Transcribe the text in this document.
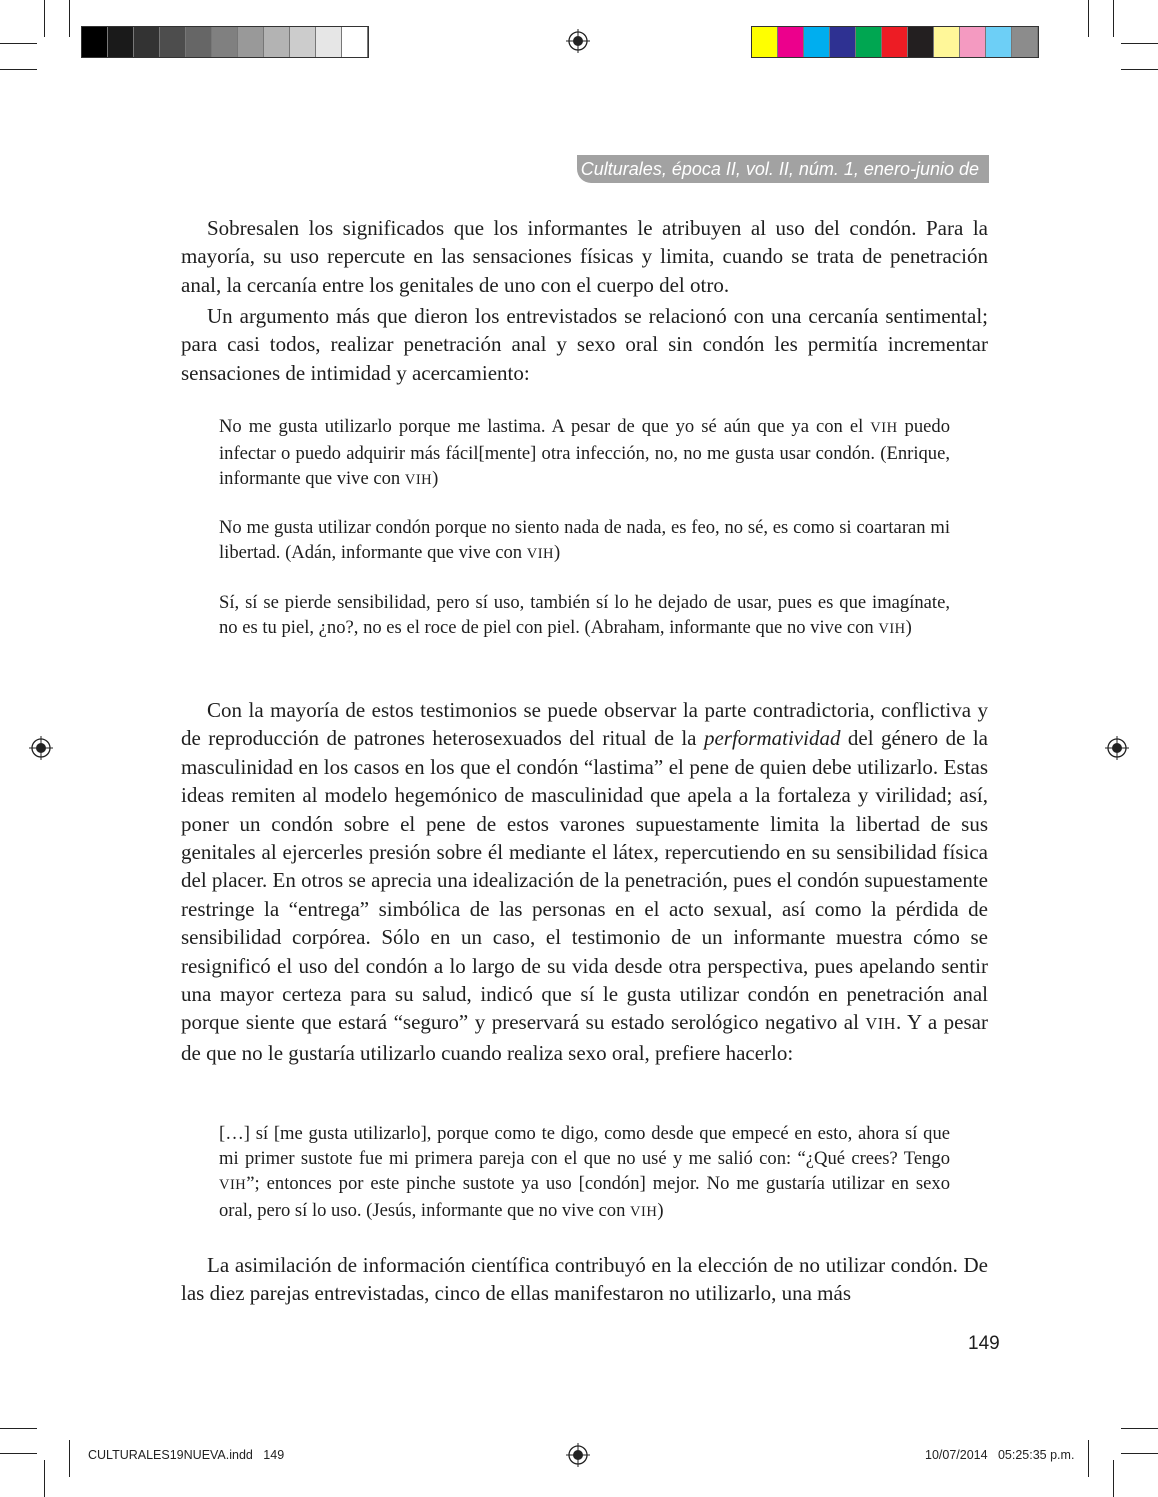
Culturales, época II, vol. II, núm. 1, enero-junio de 2014

Sobresalen los significados que los informantes le atribuyen al uso del condón. Para la mayoría, su uso repercute en las sensaciones físicas y limita, cuando se trata de penetración anal, la cercanía entre los genitales de uno con el cuerpo del otro.

Un argumento más que dieron los entrevistados se relacionó con una cercanía sentimental; para casi todos, realizar penetración anal y sexo oral sin condón les permitía incrementar sensaciones de intimidad y acercamiento:

No me gusta utilizarlo porque me lastima. A pesar de que yo sé aún que ya con el VIH puedo infectar o puedo adquirir más fácil[mente] otra infección, no, no me gusta usar condón. (Enrique, informante que vive con VIH)

No me gusta utilizar condón porque no siento nada de nada, es feo, no sé, es como si coartaran mi libertad. (Adán, informante que vive con VIH)

Sí, sí se pierde sensibilidad, pero sí uso, también sí lo he dejado de usar, pues es que imagínate, no es tu piel, ¿no?, no es el roce de piel con piel. (Abraham, informante que no vive con VIH)

Con la mayoría de estos testimonios se puede observar la parte contradictoria, conflictiva y de reproducción de patrones heterosexuados del ritual de la performatividad del género de la masculinidad en los casos en los que el condón “lastima” el pene de quien debe utilizarlo. Estas ideas remiten al modelo hegemónico de masculinidad que apela a la fortaleza y virilidad; así, poner un condón sobre el pene de estos varones supuestamente limita la libertad de sus genitales al ejercerles presión sobre él mediante el látex, repercutiendo en su sensibilidad física del placer. En otros se aprecia una idealización de la penetración, pues el condón supuestamente restringe la “entrega” simbólica de las personas en el acto sexual, así como la pérdida de sensibilidad corpórea. Sólo en un caso, el testimonio de un informante muestra cómo se resignificó el uso del condón a lo largo de su vida desde otra perspectiva, pues apelando sentir una mayor certeza para su salud, indicó que sí le gusta utilizar condón en penetración anal porque siente que estará “seguro” y preservará su estado serológico negativo al VIH. Y a pesar de que no le gustaría utilizarlo cuando realiza sexo oral, prefiere hacerlo:

[…] sí [me gusta utilizarlo], porque como te digo, como desde que empecé en esto, ahora sí que mi primer sustote fue mi primera pareja con el que no usé y me salió con: “¿Qué crees? Tengo VIH”; entonces por este pinche sustote ya uso [condón] mejor. No me gustaría utilizar en sexo oral, pero sí lo uso. (Jesús, informante que no vive con VIH)

La asimilación de información científica contribuyó en la elección de no utilizar condón. De las diez parejas entrevistadas, cinco de ellas manifestaron no utilizarlo, una más

149
CULTURALES19NUEVA.indd   149	10/07/2014   05:25:35 p.m.
